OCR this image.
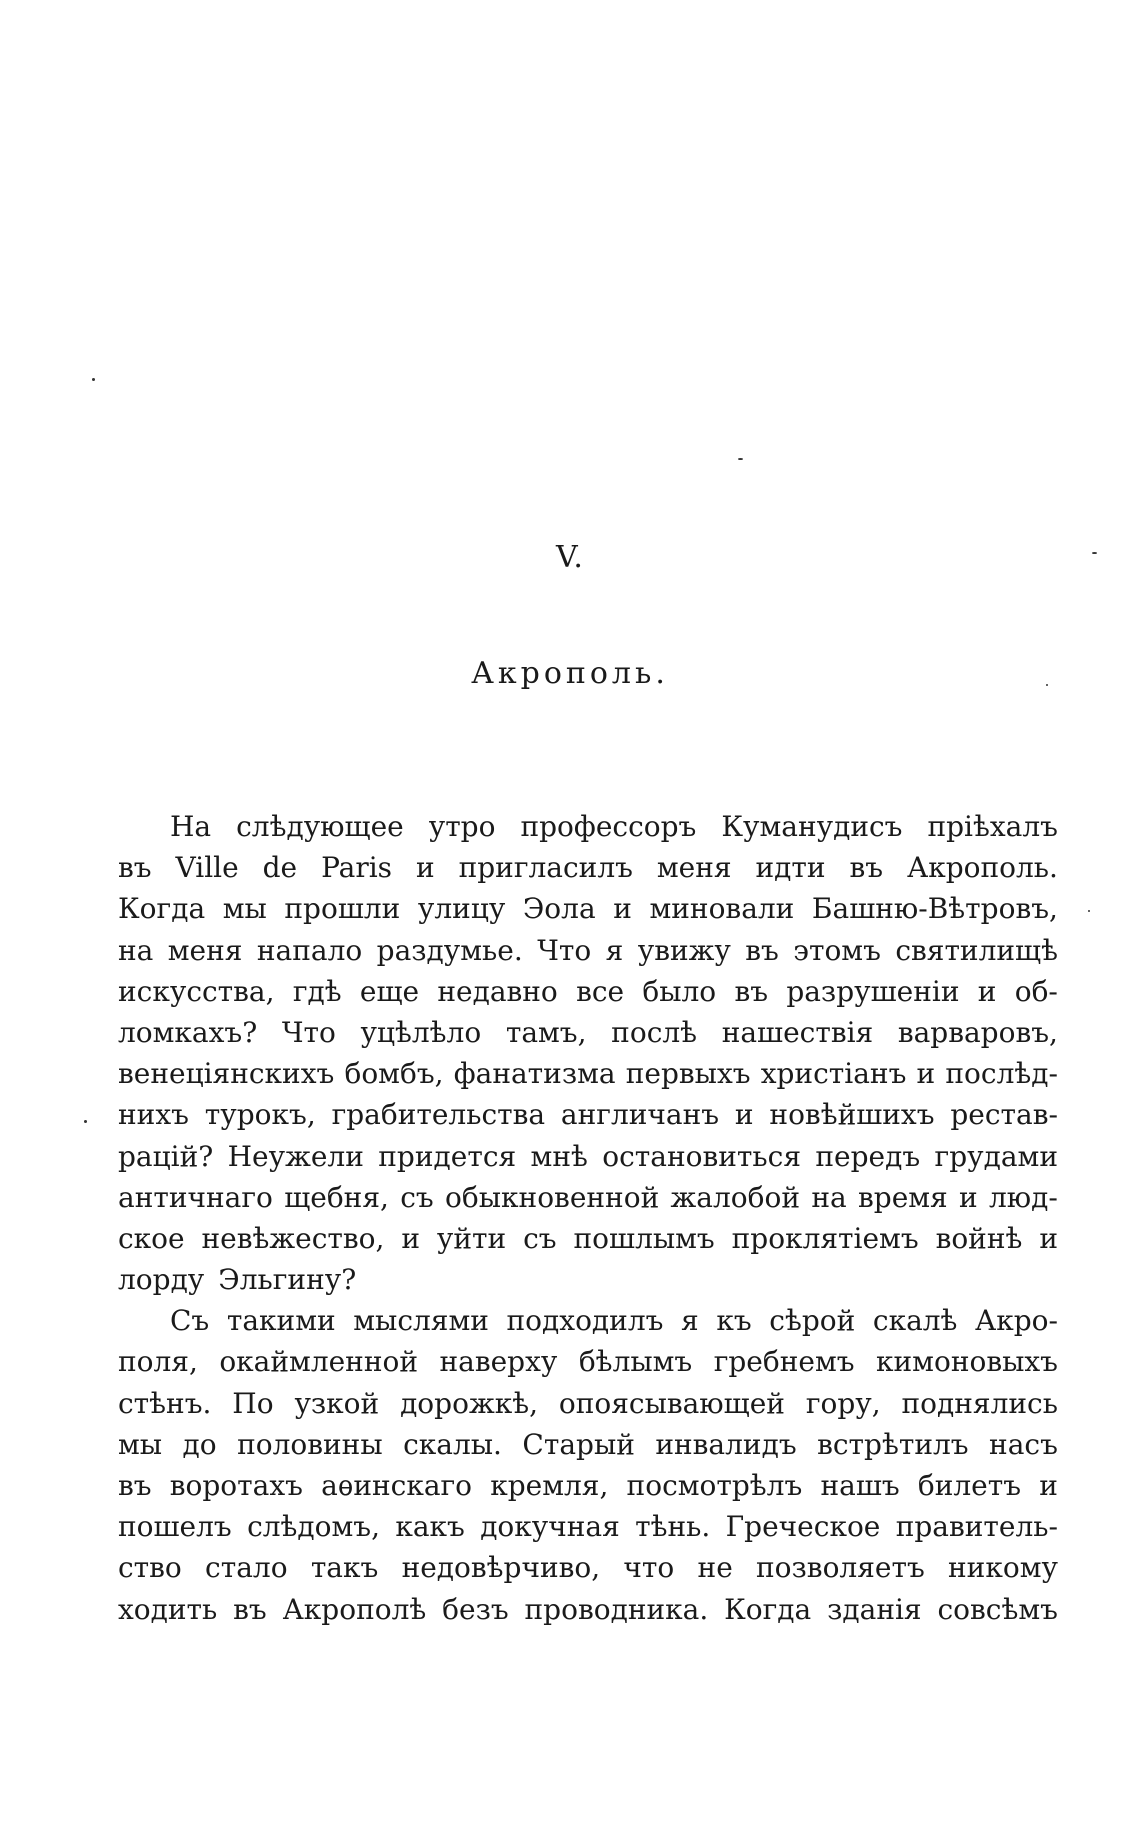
V.
Акрополь.
На слѣдующее утро профессоръ Куманудисъ пріѣхалъ
въ Ville de Paris и пригласилъ меня идти въ Акрополь.
Когда мы прошли улицу Эола и миновали Башню-Вѣтровъ,
на меня напало раздумье. Что я увижу въ этомъ святилищѣ
искусства, гдѣ еще недавно все было въ разрушеніи и об-
ломкахъ? Что уцѣлѣло тамъ, послѣ нашествія варваровъ,
венеціянскихъ бомбъ, фанатизма первыхъ христіанъ и послѣд-
нихъ турокъ, грабительства англичанъ и новѣйшихъ рестав-
рацій? Неужели придется мнѣ остановиться передъ грудами
античнаго щебня, съ обыкновенной жалобой на время и люд-
ское невѣжество, и уйти съ пошлымъ проклятіемъ войнѣ и
лорду Эльгину?
Съ такими мыслями подходилъ я къ сѣрой скалѣ Акро-
поля, окаймленной наверху бѣлымъ гребнемъ кимоновыхъ
стѣнъ. По узкой дорожкѣ, опоясывающей гору, поднялись
мы до половины скалы. Старый инвалидъ встрѣтилъ насъ
въ воротахъ аѳинскаго кремля, посмотрѣлъ нашъ билетъ и
пошелъ слѣдомъ, какъ докучная тѣнь. Греческое правитель-
ство стало такъ недовѣрчиво, что не позволяетъ никому
ходить въ Акрополѣ безъ проводника. Когда зданія совсѣмъ
